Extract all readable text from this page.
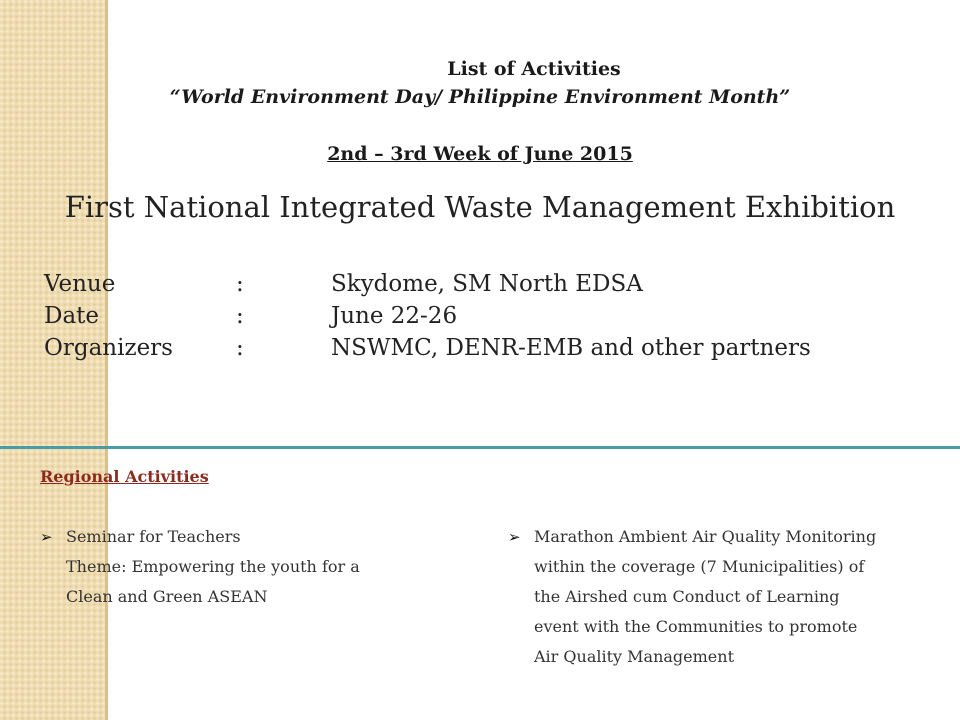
List of Activities
“World Environment Day/ Philippine Environment Month”
2nd – 3rd Week of June 2015
First National Integrated Waste Management Exhibition
Venue	:	Skydome, SM North EDSA
Date	:	June 22-26
Organizers	:	NSWMC, DENR-EMB and other partners
Regional Activities
➢ Seminar for Teachers
Theme: Empowering the youth for a
Clean and Green ASEAN
➢ Marathon Ambient Air Quality Monitoring
within the coverage (7 Municipalities) of
the Airshed cum Conduct of Learning
event with the Communities to promote
Air Quality Management
